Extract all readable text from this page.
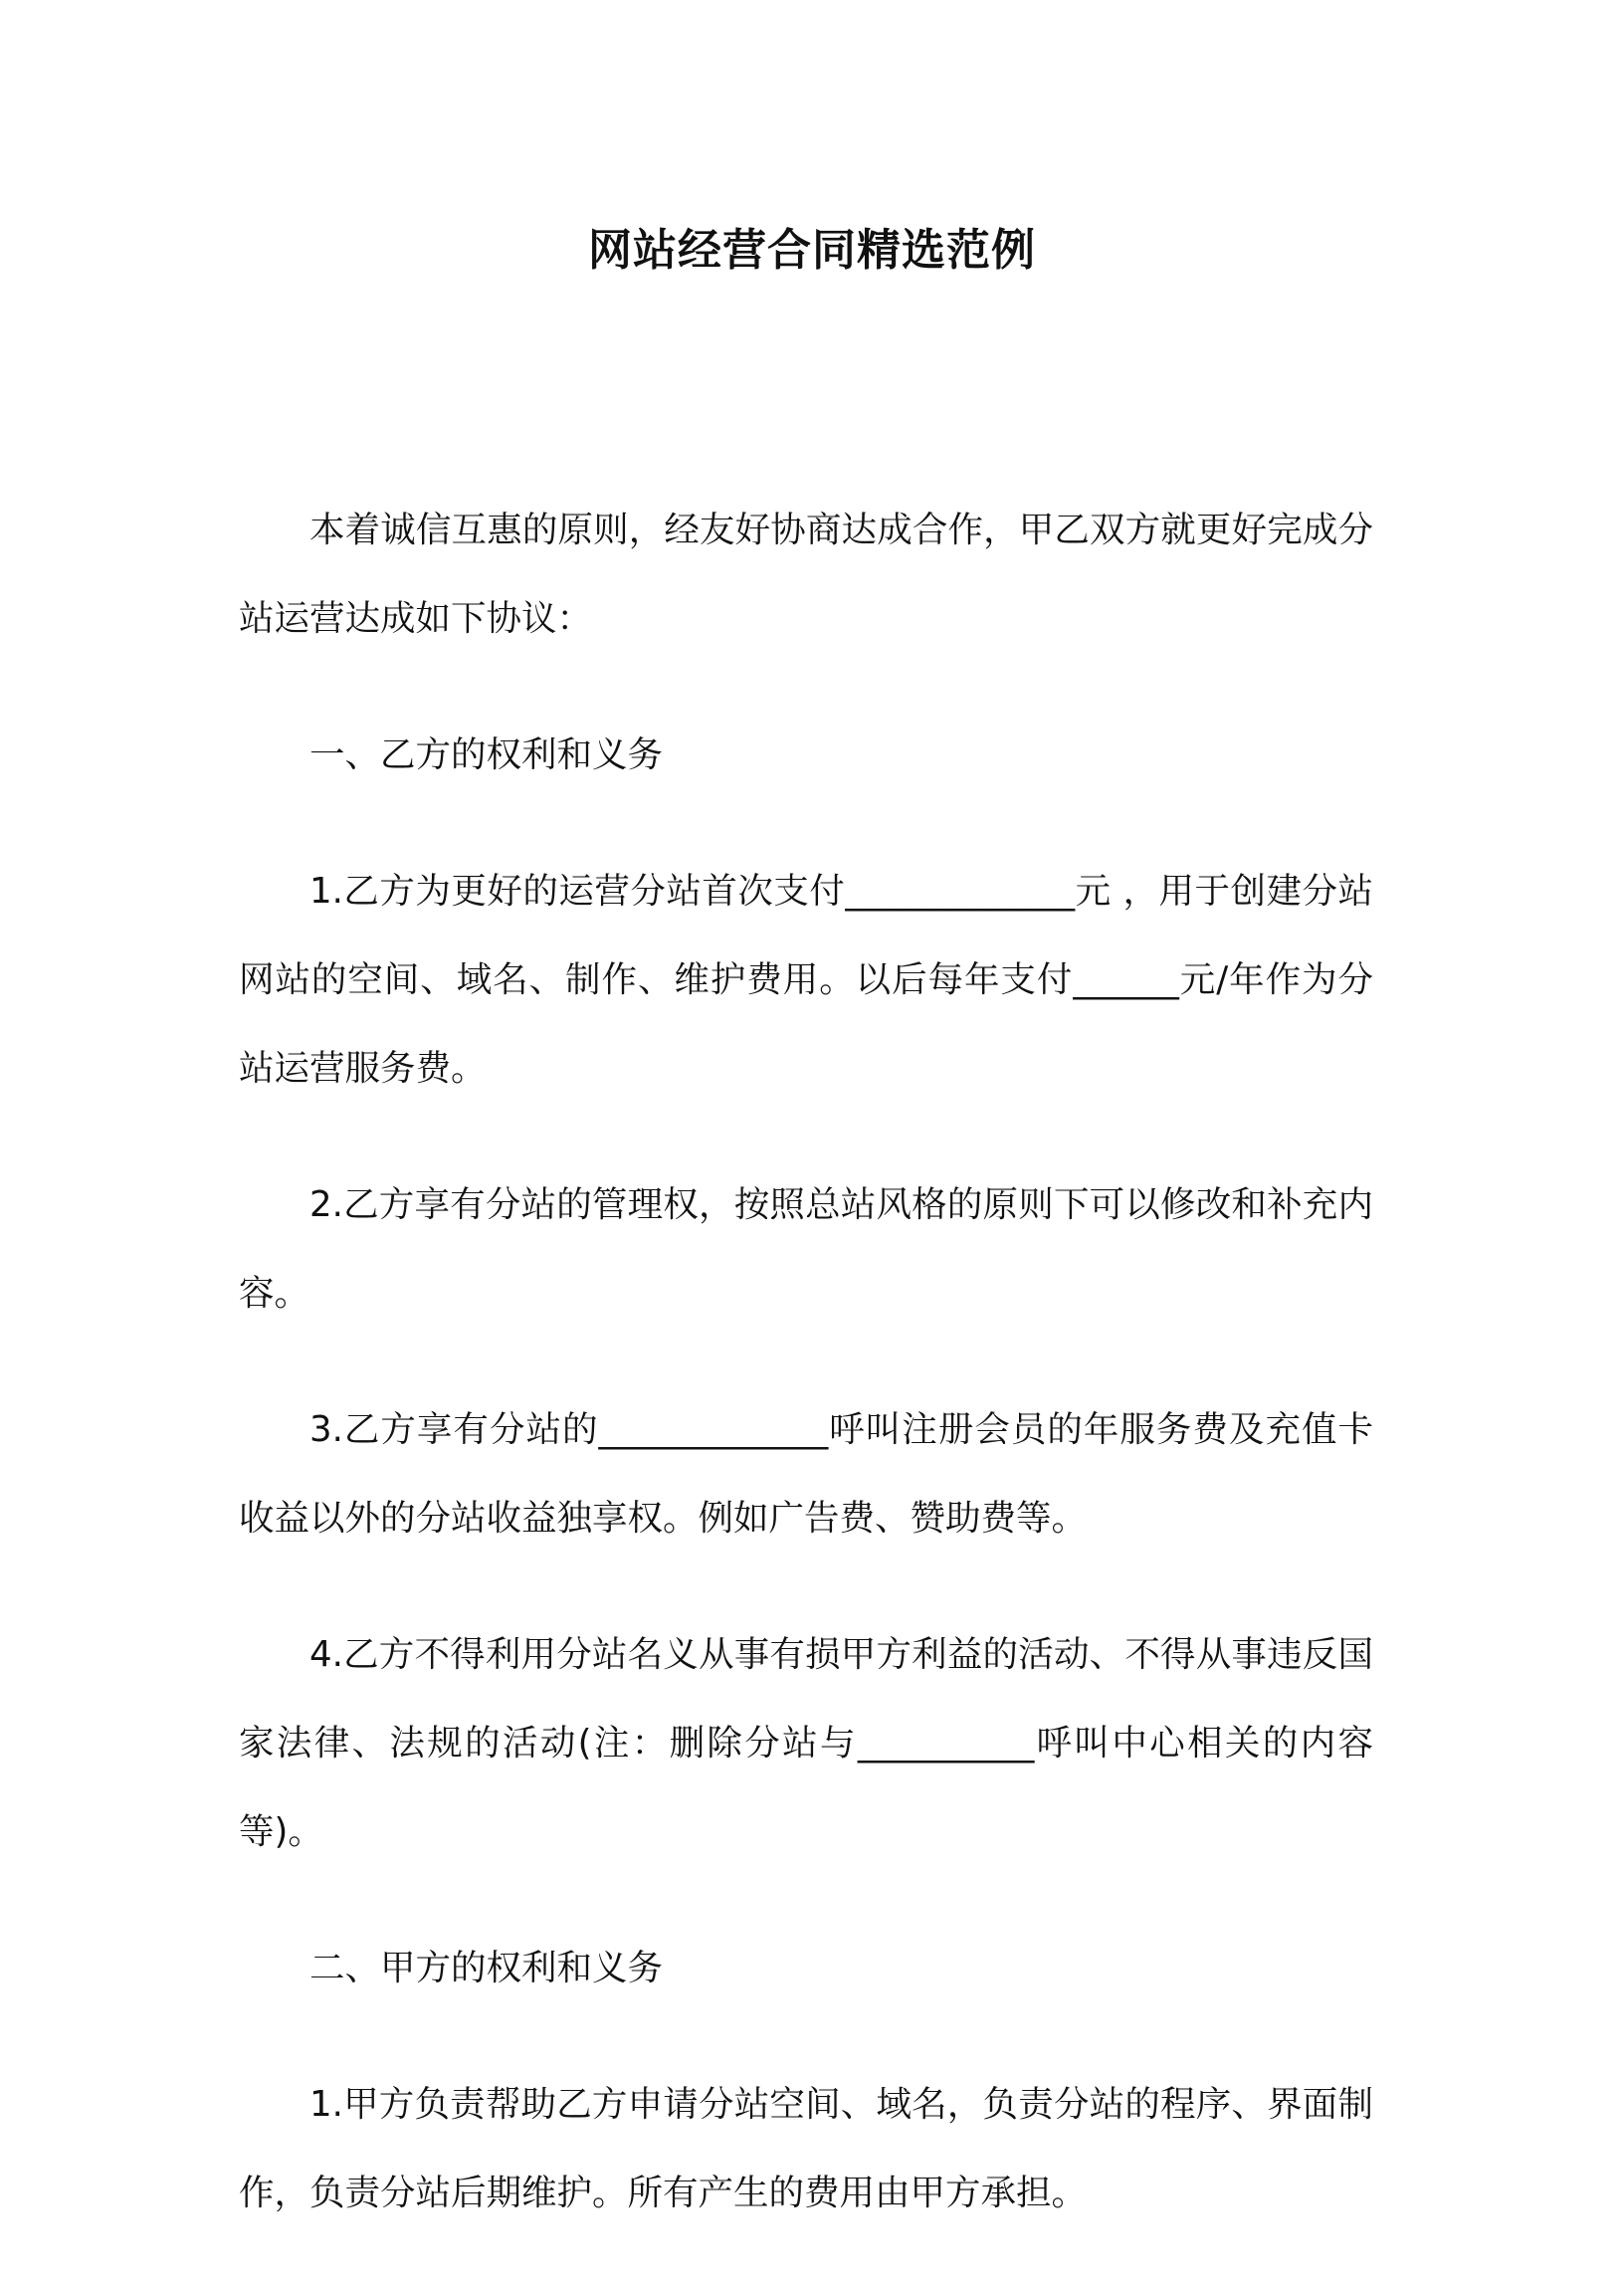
网站经营合同精选范例

本着诚信互惠的原则，经友好协商达成合作，甲乙双方就更好完成分站运营达成如下协议：

一、乙方的权利和义务

1.乙方为更好的运营分站首次支付_____________元 ，用于创建分站网站的空间、域名、制作、维护费用。以后每年支付______元/年作为分站运营服务费。

2.乙方享有分站的管理权，按照总站风格的原则下可以修改和补充内容。

3.乙方享有分站的_____________呼叫注册会员的年服务费及充值卡收益以外的分站收益独享权。例如广告费、赞助费等。

4.乙方不得利用分站名义从事有损甲方利益的活动、不得从事违反国家法律、法规的活动(注：删除分站与__________呼叫中心相关的内容等)。

二、甲方的权利和义务

1.甲方负责帮助乙方申请分站空间、域名，负责分站的程序、界面制作，负责分站后期维护。所有产生的费用由甲方承担。
